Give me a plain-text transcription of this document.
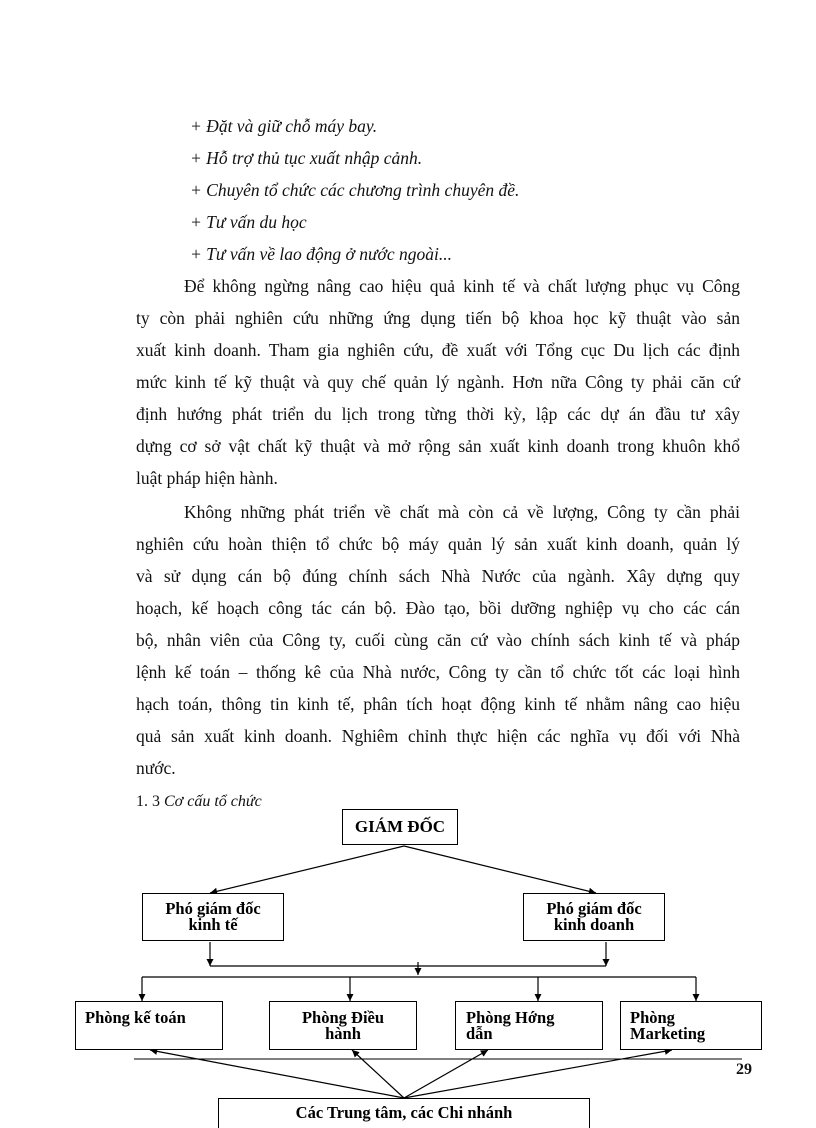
+ Đặt và giữ chỗ máy bay.
+ Hỗ trợ thủ tục xuất nhập cảnh.
+ Chuyên tổ chức các chương trình chuyên đề.
+ Tư vấn du học
+ Tư vấn về lao động ở nước ngoài...
Để không ngừng nâng cao hiệu quả kinh tế và chất lượng phục vụ Công
ty còn phải nghiên cứu những ứng dụng tiến bộ khoa học kỹ thuật vào sản
xuất kinh doanh. Tham gia nghiên cứu, đề xuất với Tổng cục Du lịch các định
mức kinh tế kỹ thuật và quy chế quản lý ngành. Hơn nữa Công ty phải căn cứ
định hướng phát triển du lịch trong từng thời kỳ, lập các dự án đầu tư xây
dựng cơ sở vật chất kỹ thuật và mở rộng sản xuất kinh doanh trong khuôn khổ
luật pháp hiện hành.
Không những phát triển về chất mà còn cả về lượng, Công ty cần phải
nghiên cứu hoàn thiện tổ chức bộ máy quản lý sản xuất kinh doanh, quản lý
và sử dụng cán bộ đúng chính sách Nhà Nước của ngành. Xây dựng quy
hoạch, kế hoạch công tác cán bộ. Đào tạo, bồi dưỡng nghiệp vụ cho các cán
bộ, nhân viên của Công ty, cuối cùng căn cứ vào chính sách kinh tế và pháp
lệnh kế toán – thống kê của Nhà nước, Công ty cần tổ chức tốt các loại hình
hạch toán, thông tin kinh tế, phân tích hoạt động kinh tế nhằm nâng cao hiệu
quả sản xuất kinh doanh. Nghiêm chỉnh thực hiện các nghĩa vụ đối với Nhà
nước.
1. 3 Cơ cấu tổ chức
GIÁM ĐỐC
Phó giám đốc
kinh tế
Phó giám đốc
kinh doanh
Phòng kế toán	Phòng Điều
hành
Phòng Hớng
dẫn
Phòng
Marketing
Các Trung tâm, các Chi nhánh
29
